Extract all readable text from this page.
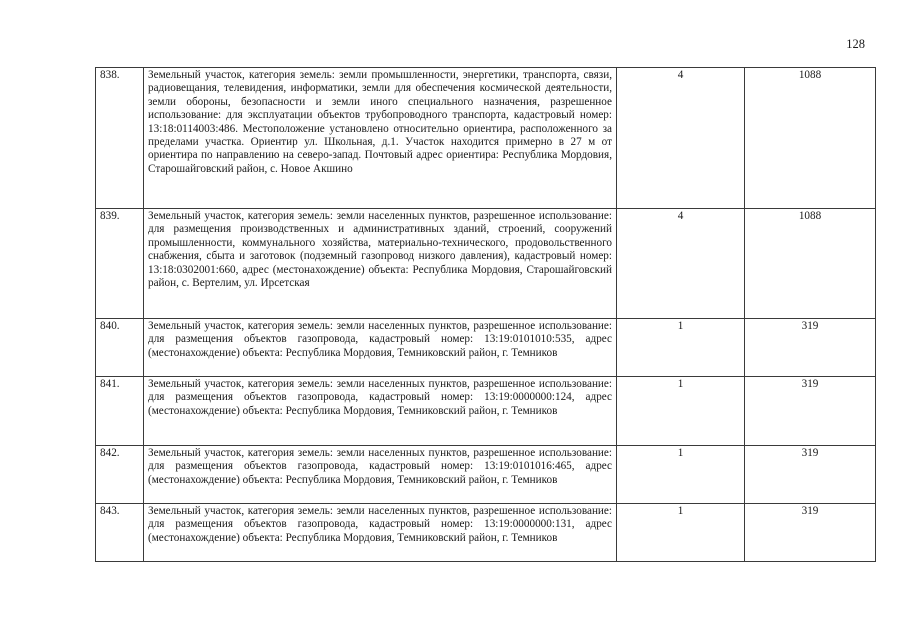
128
838.	Земельный участок, категория земель: земли промышленности, энергетики, транспорта, связи, радиовещания, телевидения, информатики, земли для обеспечения космической деятельности, земли обороны, безопасности и земли иного специального назначения, разрешенное использование: для эксплуатации объектов трубопроводного транспорта, кадастровый номер: 13:18:0114003:486. Местоположение установлено относительно ориентира, расположенного за пределами участка. Ориентир ул. Школьная, д.1. Участок находится примерно в 27 м от ориентира по направлению на северо-запад. Почтовый адрес ориентира: Республика Мордовия, Старошайговский район, с. Новое Акшино	4	1088
839.	Земельный участок, категория земель: земли населенных пунктов, разрешенное использование: для размещения производственных и административных зданий, строений, сооружений промышленности, коммунального хозяйства, материально-технического, продовольственного снабжения, сбыта и заготовок (подземный газопровод низкого давления), кадастровый номер: 13:18:0302001:660, адрес (местонахождение) объекта: Республика Мордовия, Старошайговский район, с. Вертелим, ул. Ирсетская	4	1088
840.	Земельный участок, категория земель: земли населенных пунктов, разрешенное использование: для размещения объектов газопровода, кадастровый номер: 13:19:0101010:535, адрес (местонахождение) объекта: Республика Мордовия, Темниковский район, г. Темников	1	319
841.	Земельный участок, категория земель: земли населенных пунктов, разрешенное использование: для размещения объектов газопровода, кадастровый номер: 13:19:0000000:124, адрес (местонахождение) объекта: Республика Мордовия, Темниковский район, г. Темников	1	319
842.	Земельный участок, категория земель: земли населенных пунктов, разрешенное использование: для размещения объектов газопровода, кадастровый номер: 13:19:0101016:465, адрес (местонахождение) объекта: Республика Мордовия, Темниковский район, г. Темников	1	319
843.	Земельный участок, категория земель: земли населенных пунктов, разрешенное использование: для размещения объектов газопровода, кадастровый номер: 13:19:0000000:131, адрес (местонахождение) объекта: Республика Мордовия, Темниковский район, г. Темников	1	319
